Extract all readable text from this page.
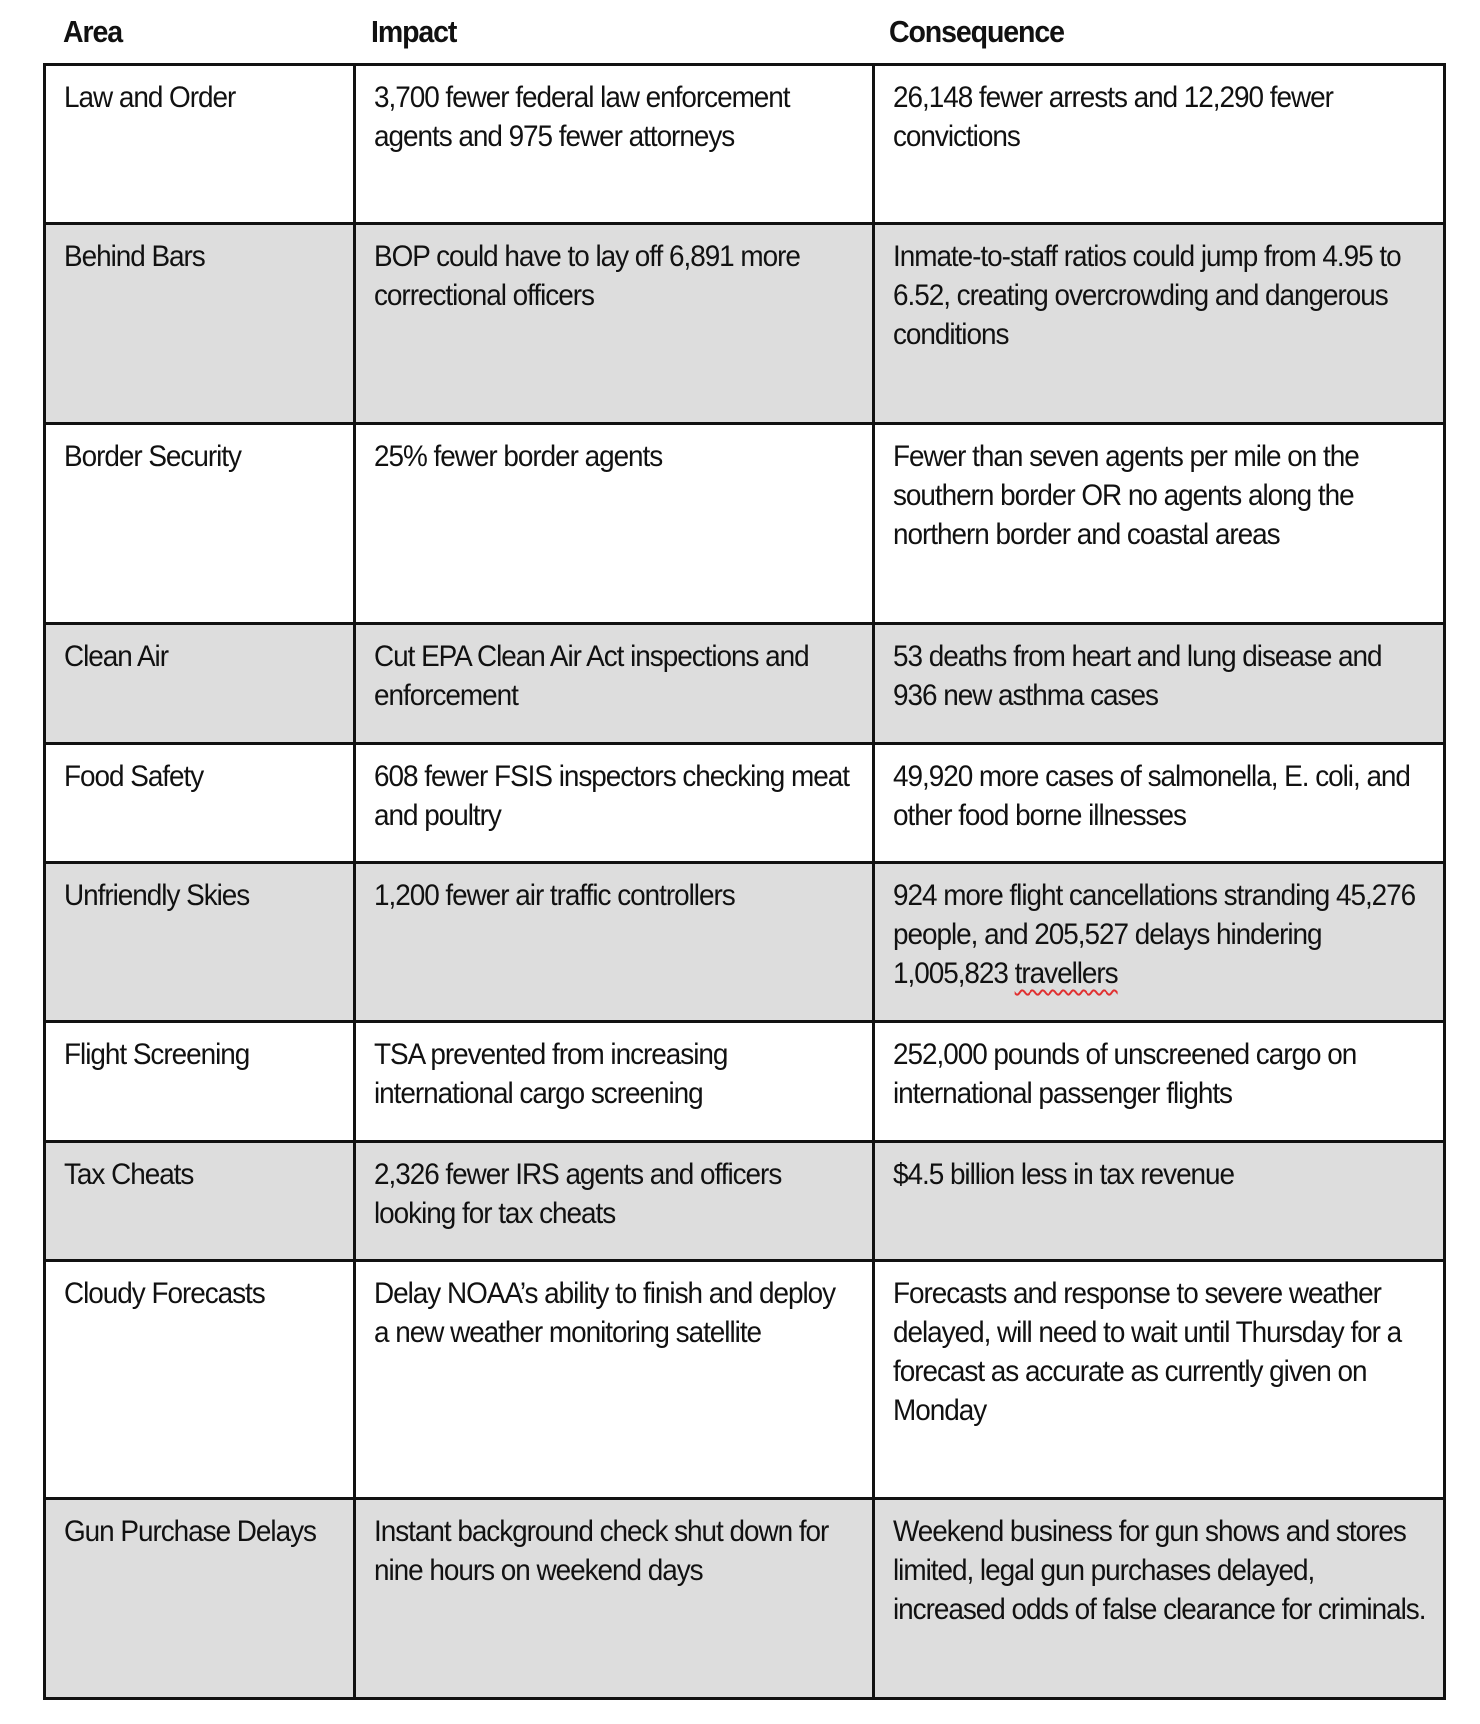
Area	Impact	Consequence
Law and Order	3,700 fewer federal law enforcement agents and 975 fewer attorneys	26,148 fewer arrests and 12,290 fewer convictions

Behind Bars	BOP could have to lay off 6,891 more correctional officers	Inmate-to-staff ratios could jump from 4.95 to 6.52, creating overcrowding and dangerous conditions

Border Security	25% fewer border agents	Fewer than seven agents per mile on the southern border OR no agents along the northern border and coastal areas

Clean Air	Cut EPA Clean Air Act inspections and enforcement	53 deaths from heart and lung disease and 936 new asthma cases

Food Safety	608 fewer FSIS inspectors checking meat and poultry	49,920 more cases of salmonella, E. coli, and other food borne illnesses

Unfriendly Skies	1,200 fewer air traffic controllers	924 more flight cancellations stranding 45,276 people, and 205,527 delays hindering 1,005,823 travellers

Flight Screening	TSA prevented from increasing international cargo screening	252,000 pounds of unscreened cargo on international passenger flights

Tax Cheats	2,326 fewer IRS agents and officers looking for tax cheats	$4.5 billion less in tax revenue

Cloudy Forecasts	Delay NOAA’s ability to finish and deploy a new weather monitoring satellite	Forecasts and response to severe weather delayed, will need to wait until Thursday for a forecast as accurate as currently given on Monday

Gun Purchase Delays	Instant background check shut down for nine hours on weekend days	Weekend business for gun shows and stores limited, legal gun purchases delayed, increased odds of false clearance for criminals.
